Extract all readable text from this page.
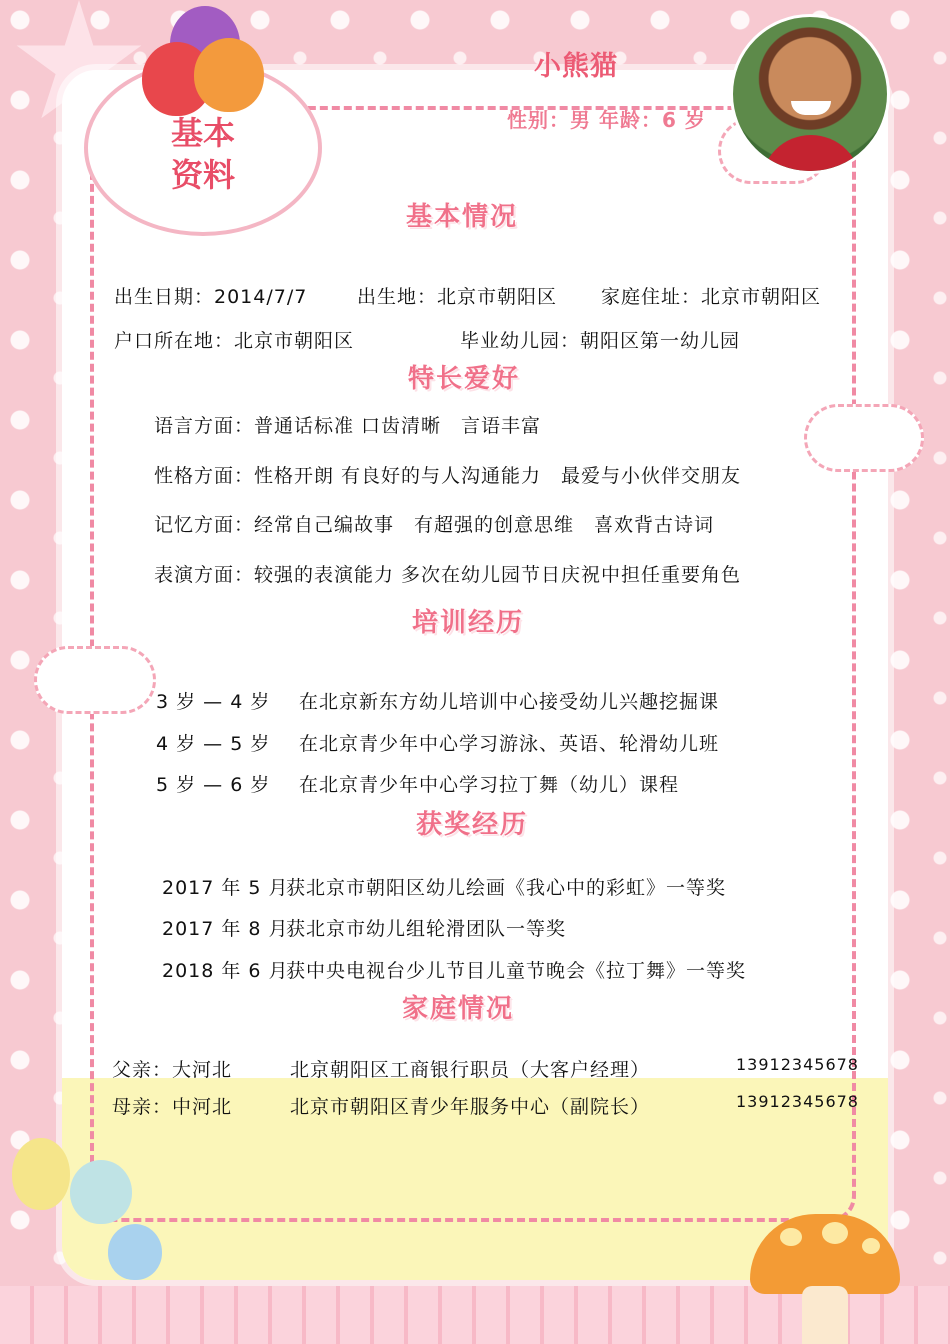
基本
资料
小熊猫
性别：男 年龄：6 岁
基本情况
出生日期：2014/7/7	出生地：北京市朝阳区 家庭住址：北京市朝阳区
户口所在地：北京市朝阳区	毕业幼儿园：朝阳区第一幼儿园
特长爱好
语言方面：普通话标准 口齿清晰　言语丰富
性格方面：性格开朗 有良好的与人沟通能力　最爱与小伙伴交朋友
记忆方面：经常自己编故事　有超强的创意思维　喜欢背古诗词
表演方面：较强的表演能力 多次在幼儿园节日庆祝中担任重要角色
培训经历
3 岁 — 4 岁 在北京新东方幼儿培训中心接受幼儿兴趣挖掘课
4 岁 — 5 岁 在北京青少年中心学习游泳、英语、轮滑幼儿班
5 岁 — 6 岁 在北京青少年中心学习拉丁舞（幼儿）课程
获奖经历
2017 年 5 月
获北京市朝阳区幼儿绘画《我心中的彩虹》一等奖
2017 年 8 月
获北京市幼儿组轮滑团队一等奖
2018 年 6 月
获中央电视台少儿节目儿童节晚会《拉丁舞》一等奖
家庭情况
父亲：大河北	北京朝阳区工商银行职员（大客户经理）	13912345678
母亲：中河北	北京市朝阳区青少年服务中心（副院长）	13912345678
